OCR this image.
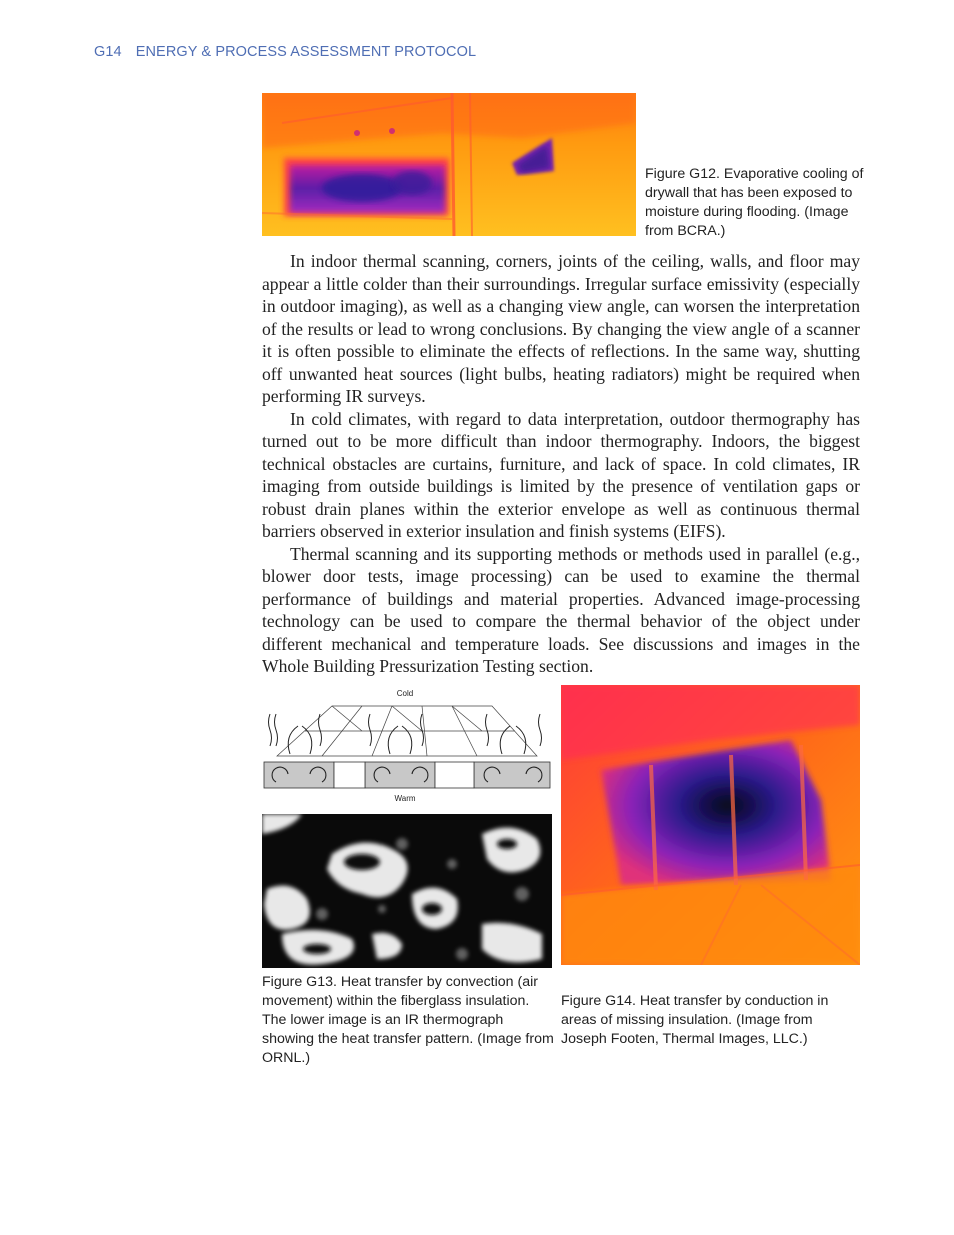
G14 ENERGY & PROCESS ASSESSMENT PROTOCOL
Figure G12. Evaporative cooling of drywall that has been exposed to moisture during flooding. (Image from BCRA.)

In indoor thermal scanning, corners, joints of the ceiling, walls, and floor may appear a little colder than their surroundings. Irregular surface emissivity (especially in outdoor imaging), as well as a changing view angle, can worsen the interpretation of the results or lead to wrong conclusions. By changing the view angle of a scanner it is often possible to eliminate the effects of reflections. In the same way, shutting off unwanted heat sources (light bulbs, heating radiators) might be required when performing IR surveys.

In cold climates, with regard to data interpretation, outdoor thermography has turned out to be more difficult than indoor thermography. Indoors, the biggest technical obstacles are curtains, furniture, and lack of space. In cold climates, IR imaging from outside buildings is limited by the presence of ventilation gaps or robust drain planes within the exterior envelope as well as continuous thermal barriers observed in exterior insulation and finish systems (EIFS).

Thermal scanning and its supporting methods or methods used in parallel (e.g., blower door tests, image processing) can be used to examine the thermal performance of buildings and material properties. Advanced image-processing technology can be used to compare the thermal behavior of the object under different mechanical and temperature loads. See discussions and images in the Whole Building Pressurization Testing section.

Cold
Warm
Figure G13. Heat transfer by convection (air movement) within the fiberglass insulation. The lower image is an IR thermograph showing the heat transfer pattern. (Image from ORNL.)
Figure G14. Heat transfer by conduction in areas of missing insulation. (Image from Joseph Footen, Thermal Images, LLC.)
